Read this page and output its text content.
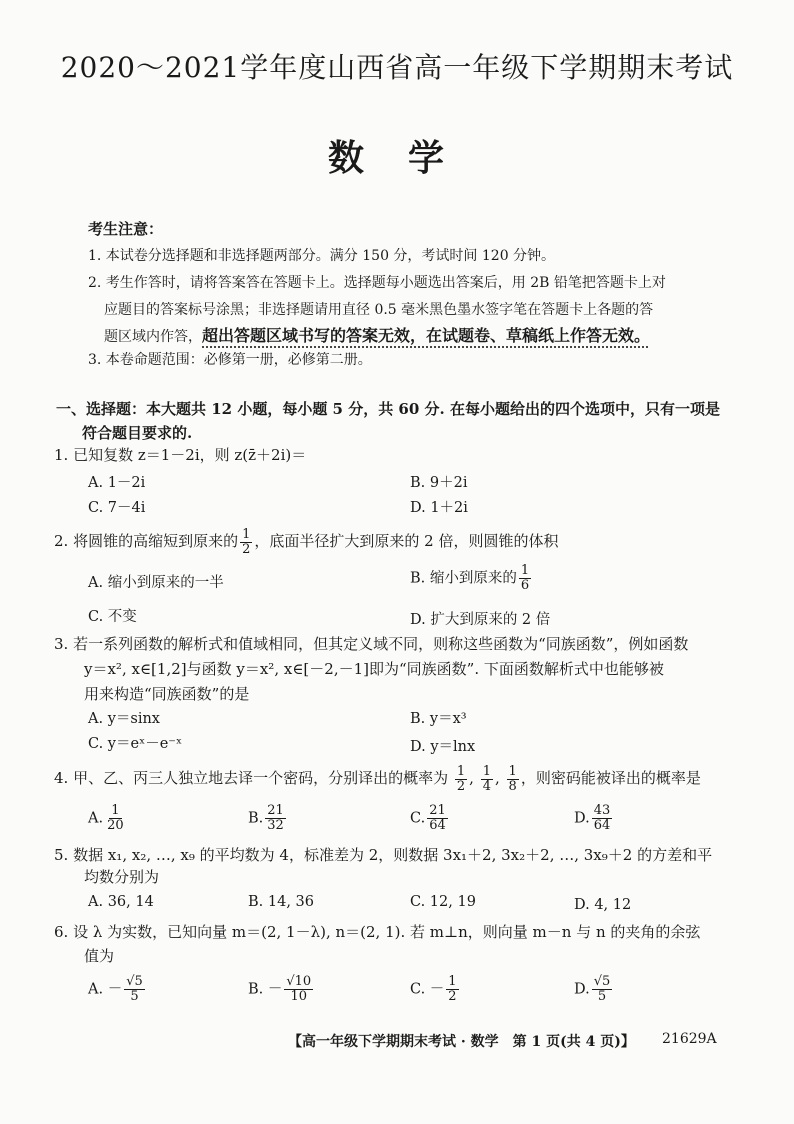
2020～2021学年度山西省高一年级下学期期末考试
数学
考生注意：
1. 本试卷分选择题和非选择题两部分。满分 150 分，考试时间 120 分钟。
2. 考生作答时，请将答案答在答题卡上。选择题每小题选出答案后，用 2B 铅笔把答题卡上对
应题目的答案标号涂黑；非选择题请用直径 0.5 毫米黑色墨水签字笔在答题卡上各题的答
题区域内作答，超出答题区域书写的答案无效，在试题卷、草稿纸上作答无效。
3. 本卷命题范围：必修第一册，必修第二册。
一、选择题：本大题共 12 小题，每小题 5 分，共 60 分. 在每小题给出的四个选项中，只有一项是
符合题目要求的.
1. 已知复数 z＝1－2i，则 z(z̄＋2i)＝
A. 1－2i	B. 9＋2i
C. 7－4i	D. 1＋2i
2. 将圆锥的高缩短到原来的 $\frac{1}{2}$ ，底面半径扩大到原来的 2 倍，则圆锥的体积
A. 缩小到原来的一半	B. 缩小到原来的 $\frac{1}{6}$
C. 不变	D. 扩大到原来的 2 倍
3. 若一系列函数的解析式和值域相同，但其定义域不同，则称这些函数为“同族函数”，例如函数
y＝x², x∈[1,2]与函数 y＝x², x∈[－2,－1]即为“同族函数”. 下面函数解析式中也能够被
用来构造“同族函数”的是
A. y＝sinx	B. y＝x³
C. y＝eˣ－e⁻ˣ	D. y＝lnx
4. 甲、乙、丙三人独立地去译一个密码，分别译出的概率为 $\frac{1}{2}$ , $\frac{1}{4}$ , $\frac{1}{8}$ ，则密码能被译出的概率是
A. $\frac{1}{20}$	B. $\frac{21}{32}$	C. $\frac{21}{64}$	D. $\frac{43}{64}$
5. 数据 x₁, x₂, …, x₉ 的平均数为 4，标准差为 2，则数据 3x₁＋2, 3x₂＋2, …, 3x₉＋2 的方差和平
均数分别为
A. 36, 14	B. 14, 36	C. 12, 19	D. 4, 12
6. 设 λ 为实数，已知向量 m＝(2, 1－λ), n＝(2, 1). 若 m⊥n，则向量 m－n 与 n 的夹角的余弦
值为
A. － $\frac{√5}{5}$	B. － $\frac{√10}{10}$	C. － $\frac{1}{2}$	D. $\frac{√5}{5}$
【高一年级下学期期末考试 · 数学　第 1 页(共 4 页)】 21629A
